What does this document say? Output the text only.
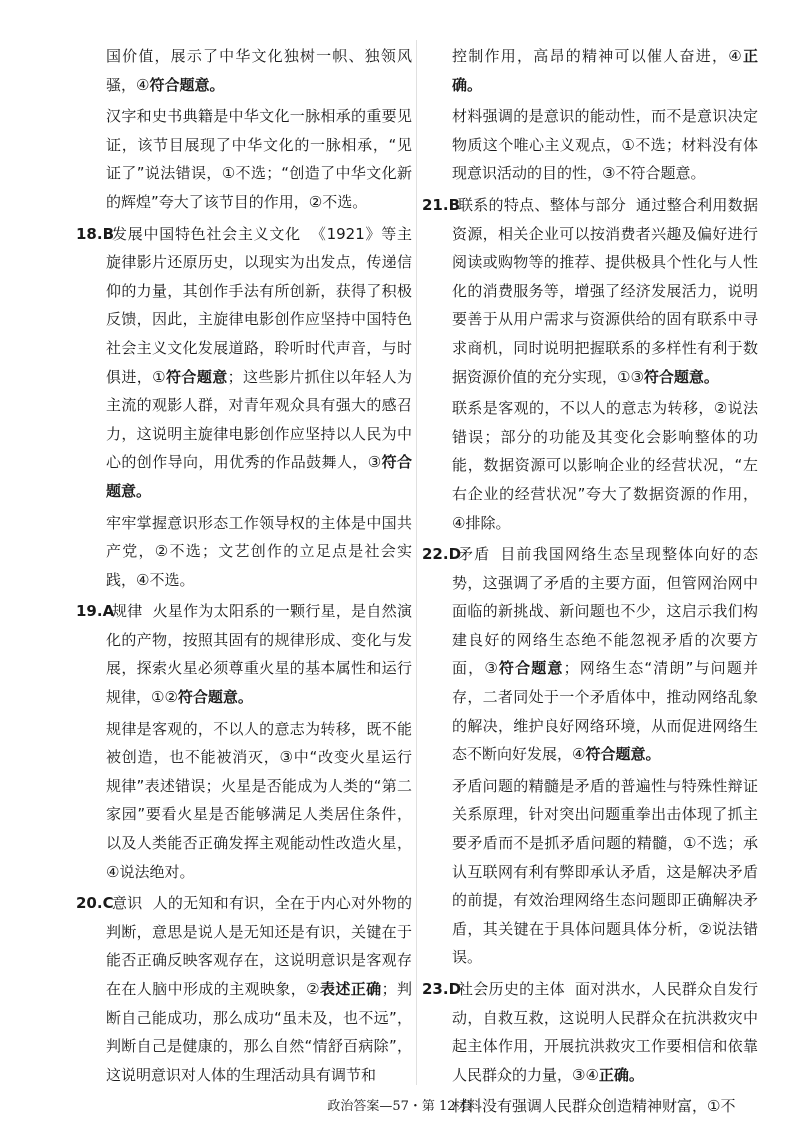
国价值，展示了中华文化独树一帜、独领风骚，④符合题意。

汉字和史书典籍是中华文化一脉相承的重要见证，该节目展现了中华文化的一脉相承，“见证了”说法错误，①不选；“创造了中华文化新的辉煌”夸大了该节目的作用，②不选。

18.B

发展中国特色社会主义文化 《1921》等主旋律影片还原历史，以现实为出发点，传递信仰的力量，其创作手法有所创新，获得了积极反馈，因此，主旋律电影创作应坚持中国特色社会主义文化发展道路，聆听时代声音，与时俱进，①符合题意；这些影片抓住以年轻人为主流的观影人群，对青年观众具有强大的感召力，这说明主旋律电影创作应坚持以人民为中心的创作导向，用优秀的作品鼓舞人，③符合题意。

牢牢掌握意识形态工作领导权的主体是中国共产党，②不选；文艺创作的立足点是社会实践，④不选。

19.A

规律 火星作为太阳系的一颗行星，是自然演化的产物，按照其固有的规律形成、变化与发展，探索火星必须尊重火星的基本属性和运行规律，①②符合题意。

规律是客观的，不以人的意志为转移，既不能被创造，也不能被消灭，③中“改变火星运行规律”表述错误；火星是否能成为人类的“第二家园”要看火星是否能够满足人类居住条件，以及人类能否正确发挥主观能动性改造火星，④说法绝对。

20.C

意识 人的无知和有识，全在于内心对外物的判断，意思是说人是无知还是有识，关键在于能否正确反映客观存在，这说明意识是客观存在在人脑中形成的主观映象，②表述正确；判断自己能成功，那么成功“虽未及，也不远”，判断自己是健康的，那么自然“情舒百病除”，这说明意识对人体的生理活动具有调节和

控制作用，高昂的精神可以催人奋进，④正确。

材料强调的是意识的能动性，而不是意识决定物质这个唯心主义观点，①不选；材料没有体现意识活动的目的性，③不符合题意。

21.B

联系的特点、整体与部分 通过整合利用数据资源，相关企业可以按消费者兴趣及偏好进行阅读或购物等的推荐、提供极具个性化与人性化的消费服务等，增强了经济发展活力，说明要善于从用户需求与资源供给的固有联系中寻求商机，同时说明把握联系的多样性有利于数据资源价值的充分实现，①③符合题意。

联系是客观的，不以人的意志为转移，②说法错误；部分的功能及其变化会影响整体的功能，数据资源可以影响企业的经营状况，“左右企业的经营状况”夸大了数据资源的作用，④排除。

22.D

矛盾 目前我国网络生态呈现整体向好的态势，这强调了矛盾的主要方面，但管网治网中面临的新挑战、新问题也不少，这启示我们构建良好的网络生态绝不能忽视矛盾的次要方面，③符合题意；网络生态“清朗”与问题并存，二者同处于一个矛盾体中，推动网络乱象的解决，维护良好网络环境，从而促进网络生态不断向好发展，④符合题意。

矛盾问题的精髓是矛盾的普遍性与特殊性辩证关系原理，针对突出问题重拳出击体现了抓主要矛盾而不是抓矛盾问题的精髓，①不选；承认互联网有利有弊即承认矛盾，这是解决矛盾的前提，有效治理网络生态问题即正确解决矛盾，其关键在于具体问题具体分析，②说法错误。

23.D

社会历史的主体 面对洪水，人民群众自发行动，自救互救，这说明人民群众在抗洪救灾中起主体作用，开展抗洪救灾工作要相信和依靠人民群众的力量，③④正确。

材料没有强调人民群众创造精神财富，①不

政治答案—57・第 12 套
